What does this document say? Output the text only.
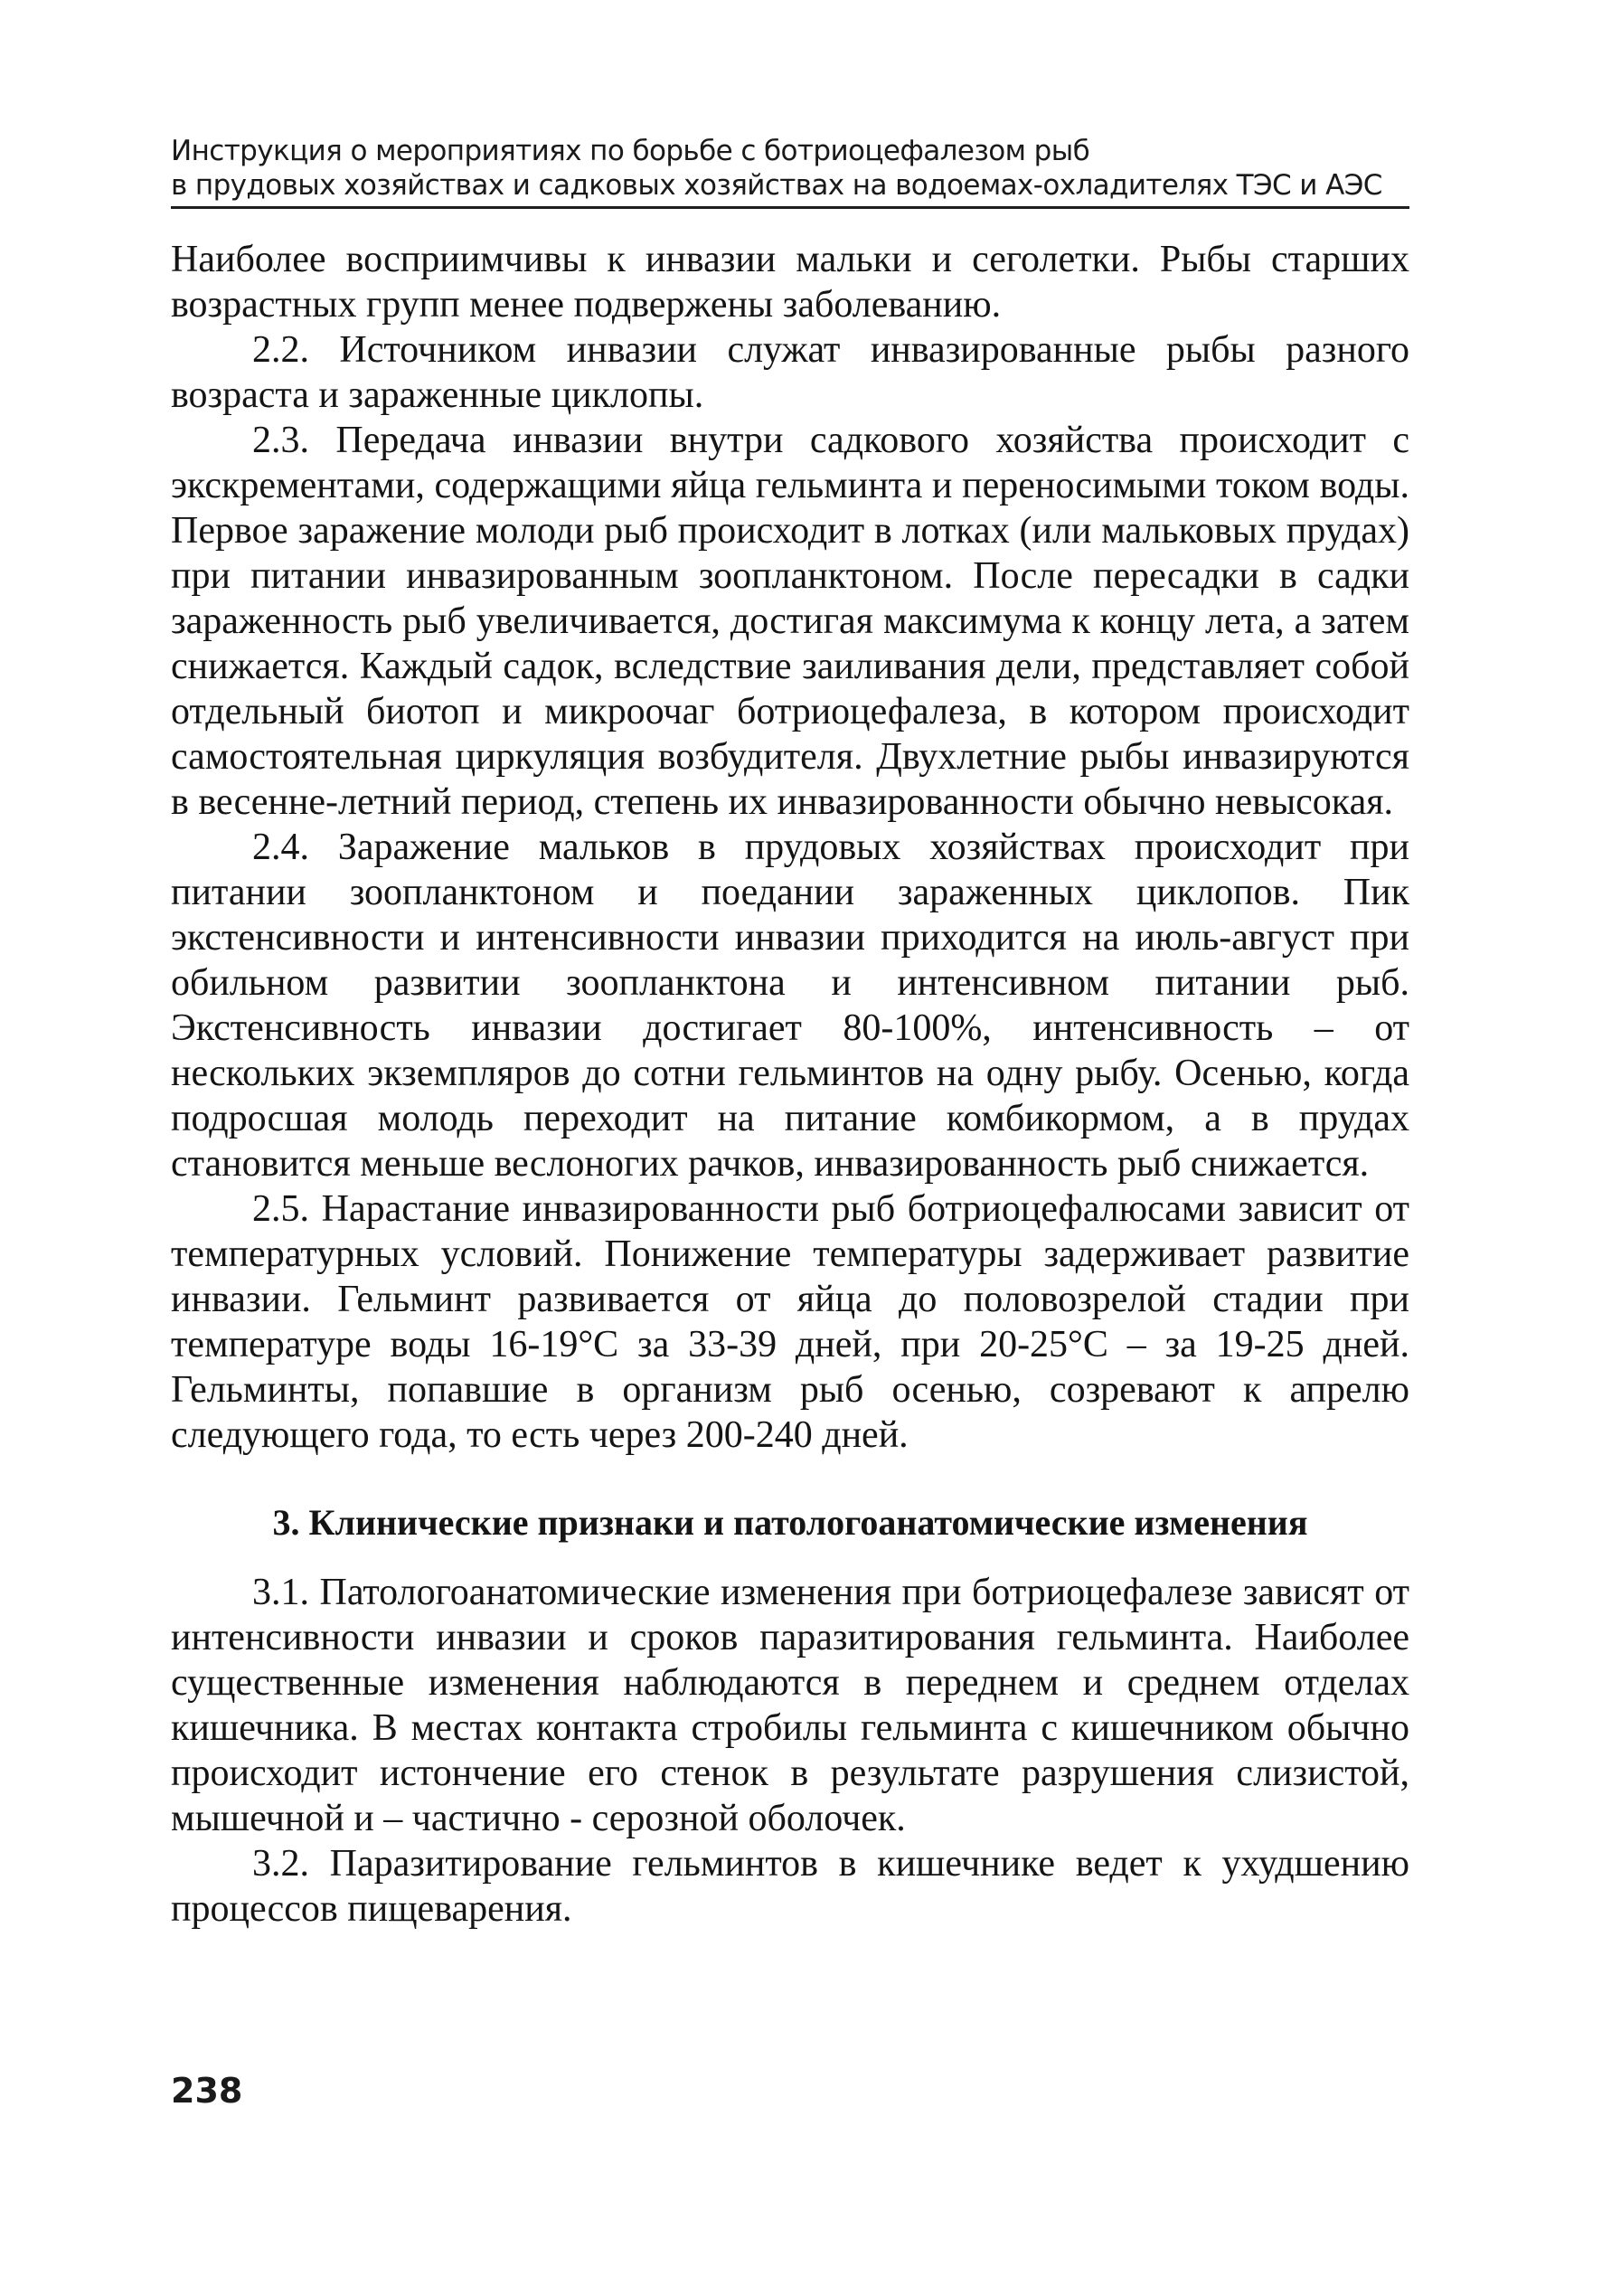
Инструкция о мероприятиях по борьбе с ботриоцефалезом рыб
в прудовых хозяйствах и садковых хозяйствах на водоемах-охладителях ТЭС и АЭС

Наиболее восприимчивы к инвазии мальки и сеголетки. Рыбы старших возрастных групп менее подвержены заболеванию.

2.2. Источником инвазии служат инвазированные рыбы разного возраста и зараженные циклопы.

2.3. Передача инвазии внутри садкового хозяйства происходит с экскрементами, содержащими яйца гельминта и переносимыми током воды. Первое заражение молоди рыб происходит в лотках (или мальковых прудах) при питании инвазированным зоопланктоном. После пересадки в садки зараженность рыб увеличивается, достигая максимума к концу лета, а затем снижается. Каждый садок, вследствие заиливания дели, представляет собой отдельный биотоп и микроочаг ботриоцефалеза, в котором происходит самостоятельная циркуляция возбудителя. Двухлетние рыбы инвазируются в весенне-летний период, степень их инвазированности обычно невысокая.

2.4. Заражение мальков в прудовых хозяйствах происходит при питании зоопланктоном и поедании зараженных циклопов. Пик экстенсивности и интенсивности инвазии приходится на июль-август при обильном развитии зоопланктона и интенсивном питании рыб. Экстенсивность инвазии достигает 80-100%, интенсивность – от нескольких экземпляров до сотни гельминтов на одну рыбу. Осенью, когда подросшая молодь переходит на питание комбикормом, а в прудах становится меньше веслоногих рачков, инвазированность рыб снижается.

2.5. Нарастание инвазированности рыб ботриоцефалюсами зависит от температурных условий. Понижение температуры задерживает развитие инвазии. Гельминт развивается от яйца до половозрелой стадии при температуре воды 16-19°С за 33-39 дней, при 20-25°С – за 19-25 дней. Гельминты, попавшие в организм рыб осенью, созревают к апрелю следующего года, то есть через 200-240 дней.

3. Клинические признаки и патологоанатомические изменения

3.1. Патологоанатомические изменения при ботриоцефалезе зависят от интенсивности инвазии и сроков паразитирования гельминта. Наиболее существенные изменения наблюдаются в переднем и среднем отделах кишечника. В местах контакта стробилы гельминта с кишечником обычно происходит истончение его стенок в результате разрушения слизистой, мышечной и – частично - серозной оболочек.

3.2. Паразитирование гельминтов в кишечнике ведет к ухудшению процессов пищеварения.

238
